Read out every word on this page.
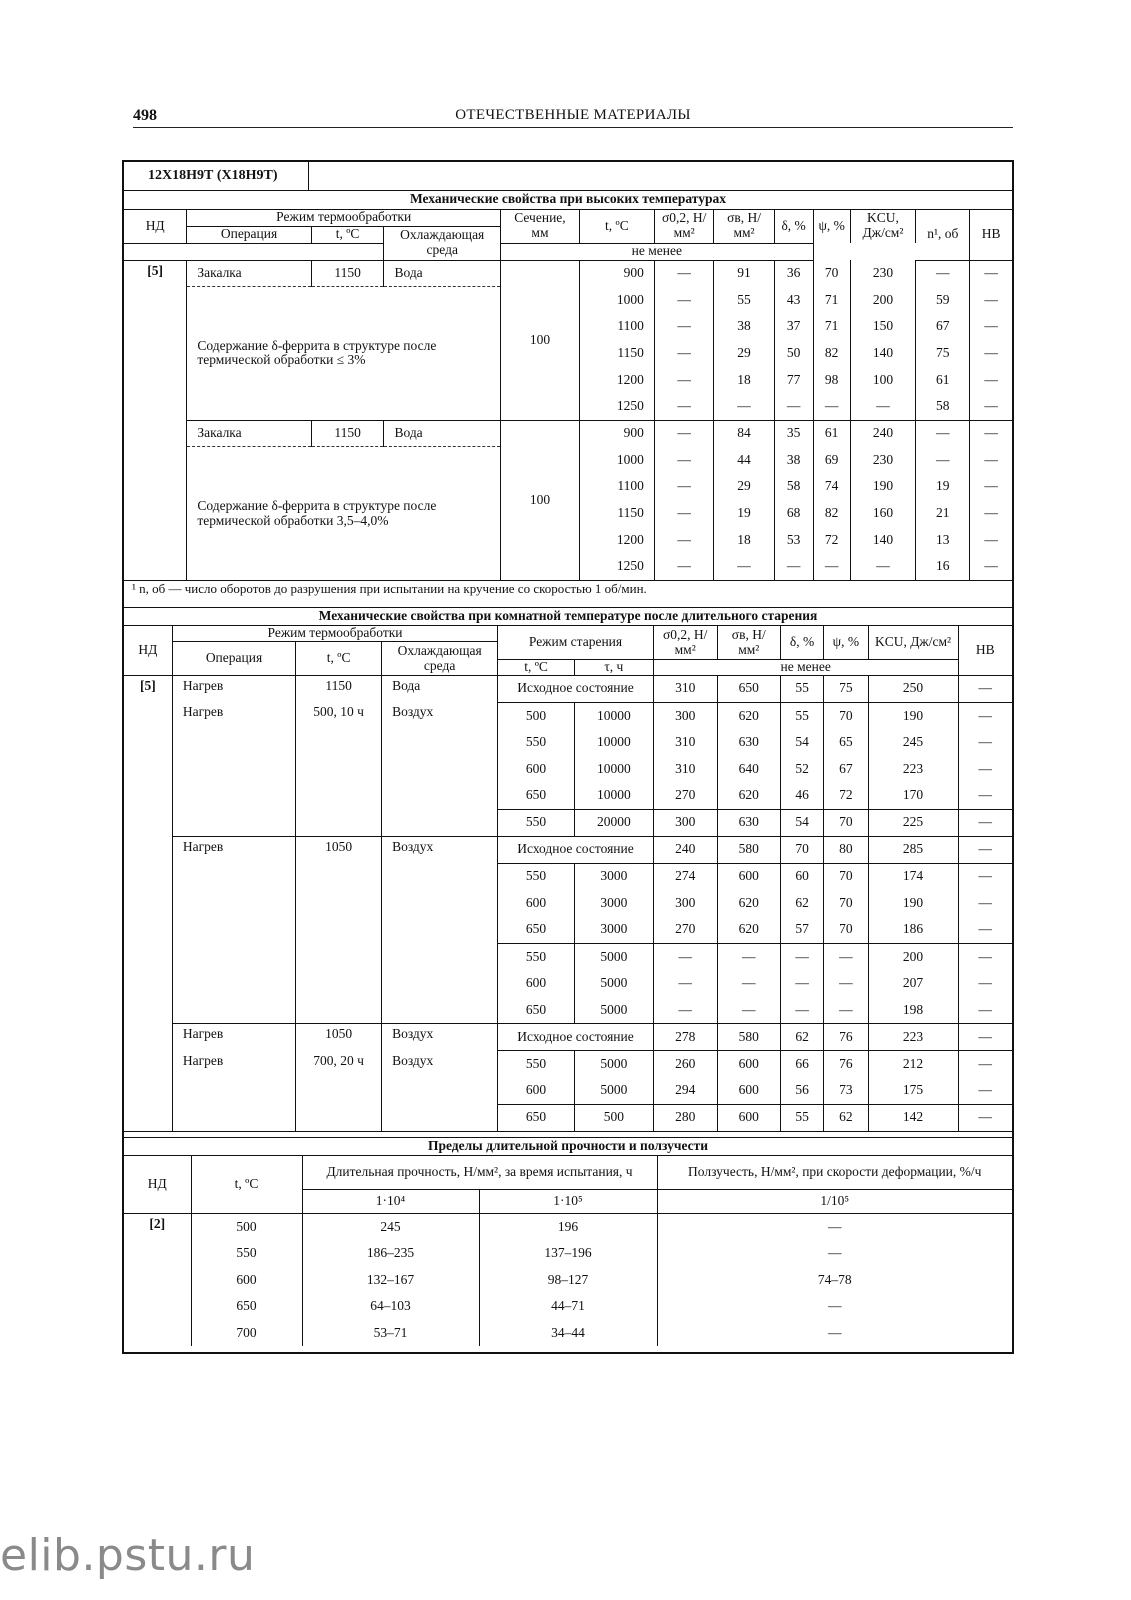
498	ОТЕЧЕСТВЕННЫЕ МАТЕРИАЛЫ
12Х18Н9Т (Х18Н9Т)
Механические свойства при высоких температурах												
НД	Режим термообработки			Сечение, мм	t, ºС	σ0,2, Н/мм²	σв, Н/мм²	δ, %	ψ, %	KCU, Дж/см²	n¹, об	НВ
	Операция	t, ºС	Охлаждающая среда									
				не менее								
[5]	Закалка	1150	Вода	100	900	—	91	36	70	230	—	—
	Содержание δ-феррита в структуре после термической обработки ≤ 3%				1000	—	55	43	71	200	59	—
					1100	—	38	37	71	150	67	—
					1150	—	29	50	82	140	75	—
					1200	—	18	77	98	100	61	—
					1250	—	—	—	—	—	58	—
	Закалка	1150	Вода	100	900	—	84	35	61	240	—	—
	Содержание δ-феррита в структуре после термической обработки 3,5–4,0%				1000	—	44	38	69	230	—	—
					1100	—	29	58	74	190	19	—
					1150	—	19	68	82	160	21	—
					1200	—	18	53	72	140	13	—
					1250	—	—	—	—	—	16	—
¹ n, об — число оборотов до разрушения при испытании на кручение со скоростью 1 об/мин.												
Механические свойства при комнатной температуре после длительного старения											
НД	Режим термообработки			Режим старения		σ0,2, Н/мм²	σв, Н/мм²	δ, %	ψ, %	KCU, Дж/см²	НВ
	Операция	t, ºС	Охлаждающая среда								
				t, ºС	τ, ч	не менее					
[5]	Нагрев	1150	Вода	Исходное состояние		310	650	55	75	250	—
	Нагрев	500, 10 ч	Воздух	500	10000	300	620	55	70	190	—
				550	10000	310	630	54	65	245	—
				600	10000	310	640	52	67	223	—
				650	10000	270	620	46	72	170	—
				550	20000	300	630	54	70	225	—
	Нагрев	1050	Воздух	Исходное состояние		240	580	70	80	285	—
				550	3000	274	600	60	70	174	—
				600	3000	300	620	62	70	190	—
				650	3000	270	620	57	70	186	—
				550	5000	—	—	—	—	200	—
				600	5000	—	—	—	—	207	—
				650	5000	—	—	—	—	198	—
	Нагрев	1050	Воздух	Исходное состояние		278	580	62	76	223	—
	Нагрев	700, 20 ч	Воздух	550	5000	260	600	66	76	212	—
				600	5000	294	600	56	73	175	—
				650	500	280	600	55	62	142	—
Пределы длительной прочности и ползучести				
НД	t, ºС	Длительная прочность, Н/мм², за время испытания, ч		Ползучесть, Н/мм², при скорости деформации, %/ч
		1·10⁴	1·10⁵	1/10⁵
[2]	500	245	196	—
	550	186–235	137–196	—
	600	132–167	98–127	74–78
	650	64–103	44–71	—
	700	53–71	34–44	—
elib.pstu.ru
